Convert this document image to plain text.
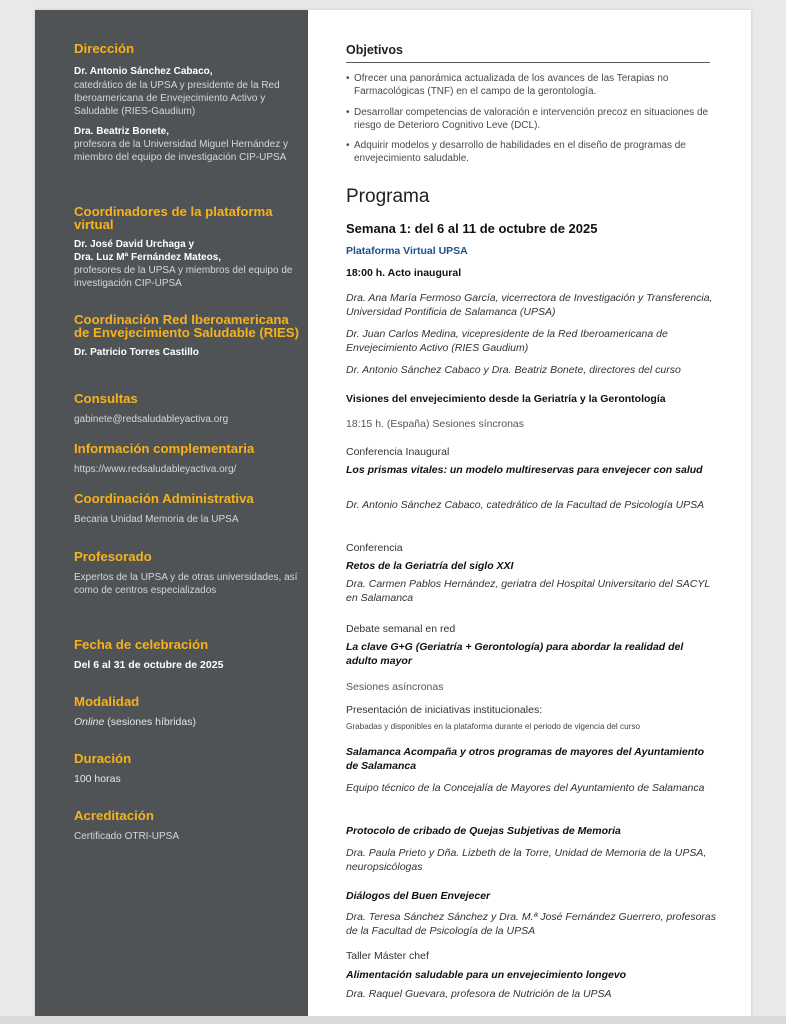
Dirección
Dr. Antonio Sánchez Cabaco,
catedrático de la UPSA y presidente de la Red Iberoamericana de Envejecimiento Activo y Saludable (RIES-Gaudium)
Dra. Beatriz Bonete,
profesora de la Universidad Miguel Hernández y miembro del equipo de investigación CIP-UPSA
Coordinadores de la plataforma virtual
Dr. José David Urchaga y
Dra. Luz Mª Fernández Mateos,
profesores de la UPSA y miembros del equipo de investigación CIP-UPSA
Coordinación Red Iberoamericana de Envejecimiento Saludable (RIES)
Dr. Patricio Torres Castillo
Consultas
gabinete@redsaludableyactiva.org
Información complementaria
https://www.redsaludableyactiva.org/
Coordinación Administrativa
Becaria Unidad Memoria de la UPSA
Profesorado
Expertos de la UPSA y de otras universidades, así como de centros especializados
Fecha de celebración
Del 6 al 31 de octubre de 2025
Modalidad
Online (sesiones híbridas)
Duración
100 horas
Acreditación
Certificado OTRI-UPSA
Objetivos
• Ofrecer una panorámica actualizada de los avances de las Terapias no Farmacológicas (TNF) en el campo de la gerontología.
• Desarrollar competencias de valoración e intervención precoz en situaciones de riesgo de Deterioro Cognitivo Leve (DCL).
• Adquirir modelos y desarrollo de habilidades en el diseño de programas de envejecimiento saludable.
Programa
Semana 1: del 6 al 11 de octubre de 2025
Plataforma Virtual UPSA
18:00 h. Acto inaugural
Dra. Ana María Fermoso García, vicerrectora de Investigación y Transferencia, Universidad Pontificia de Salamanca (UPSA)
Dr. Juan Carlos Medina, vicepresidente de la Red Iberoamericana de Envejecimiento Activo (RIES Gaudium)
Dr. Antonio Sánchez Cabaco y Dra. Beatriz Bonete, directores del curso
Visiones del envejecimiento desde la Geriatría y la Gerontología
18:15 h. (España) Sesiones síncronas
Conferencia Inaugural
Los prismas vitales: un modelo multireservas para envejecer con salud
Dr. Antonio Sánchez Cabaco, catedrático de la Facultad de Psicología UPSA
Conferencia
Retos de la Geriatría del siglo XXI
Dra. Carmen Pablos Hernández, geriatra del Hospital Universitario del SACYL en Salamanca
Debate semanal en red
La clave G+G (Geriatría + Gerontología) para abordar la realidad del adulto mayor
Sesiones asíncronas
Presentación de iniciativas institucionales:
Grabadas y disponibles en la plataforma durante el periodo de vigencia del curso
Salamanca Acompaña y otros programas de mayores del Ayuntamiento de Salamanca
Equipo técnico de la Concejalía de Mayores del Ayuntamiento de Salamanca
Protocolo de cribado de Quejas Subjetivas de Memoria
Dra. Paula Prieto y Dña. Lizbeth de la Torre, Unidad de Memoria de la UPSA, neuropsicólogas
Diálogos del Buen Envejecer
Dra. Teresa Sánchez Sánchez y Dra. M.ª José Fernández Guerrero, profesoras de la Facultad de Psicología de la UPSA
Taller Máster chef
Alimentación saludable para un envejecimiento longevo
Dra. Raquel Guevara, profesora de Nutrición de la UPSA
